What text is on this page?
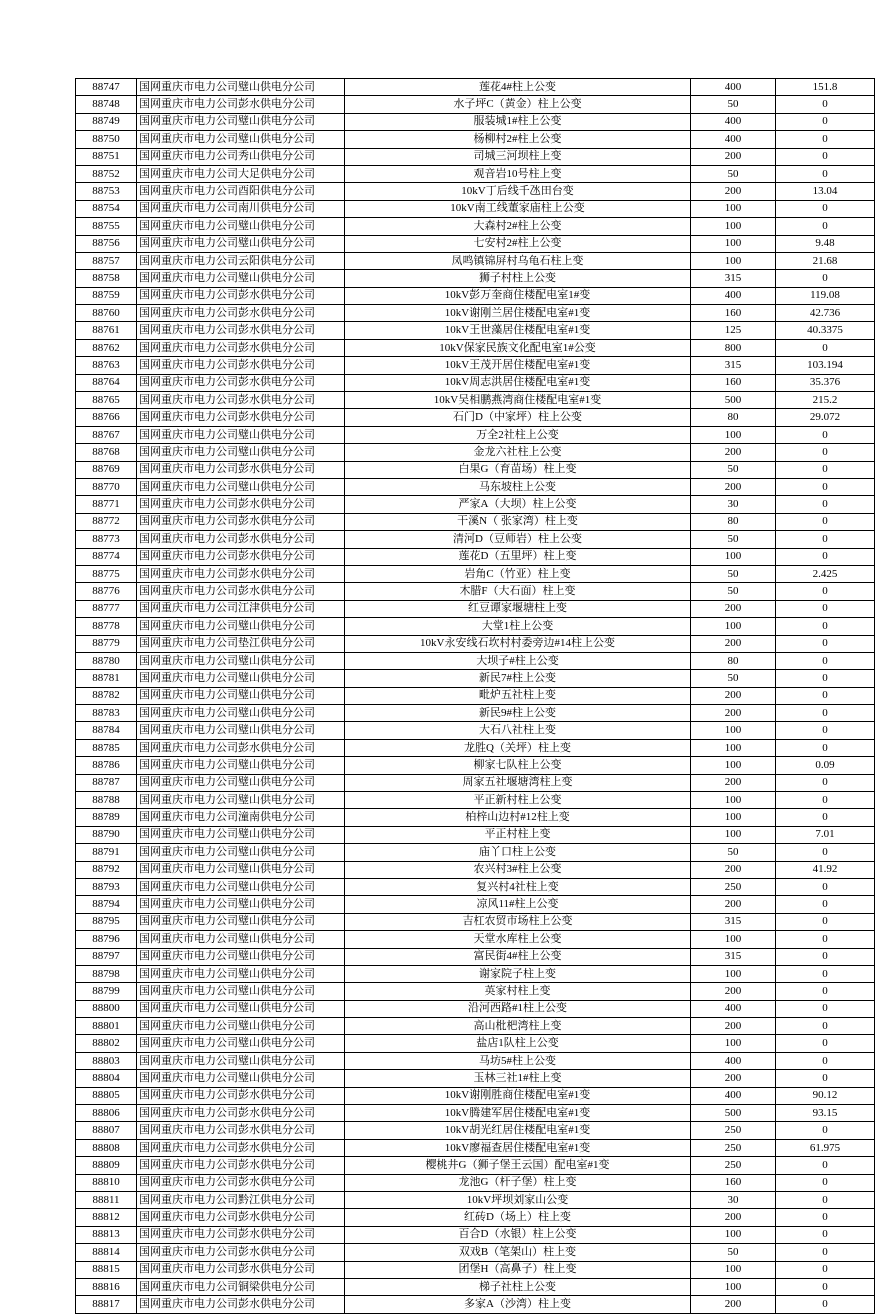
88747	国网重庆市电力公司璧山供电分公司	莲花4#柱上公变	400	151.8
88748	国网重庆市电力公司彭水供电分公司	水子坪C（黄金）柱上公变	50	0
88749	国网重庆市电力公司璧山供电分公司	服装城1#柱上公变	400	0
88750	国网重庆市电力公司璧山供电分公司	杨柳村2#柱上公变	400	0
88751	国网重庆市电力公司秀山供电分公司	司城三河坝柱上变	200	0
88752	国网重庆市电力公司大足供电分公司	观音岩10号柱上变	50	0
88753	国网重庆市电力公司酉阳供电分公司	10kV丁后线千氹田台变	200	13.04
88754	国网重庆市电力公司南川供电分公司	10kV南工线董家庙柱上公变	100	0
88755	国网重庆市电力公司璧山供电分公司	大森村2#柱上公变	100	0
88756	国网重庆市电力公司璧山供电分公司	七安村2#柱上公变	100	9.48
88757	国网重庆市电力公司云阳供电分公司	凤鸣镇锦屏村乌龟石柱上变	100	21.68
88758	国网重庆市电力公司璧山供电分公司	狮子村柱上公变	315	0
88759	国网重庆市电力公司彭水供电分公司	10kV彭万奎商住楼配电室1#变	400	119.08
88760	国网重庆市电力公司彭水供电分公司	10kV谢刚兰居住楼配电室#1变	160	42.736
88761	国网重庆市电力公司彭水供电分公司	10kV王世藻居住楼配电室#1变	125	40.3375
88762	国网重庆市电力公司彭水供电分公司	10kV保家民族文化配电室1#公变	800	0
88763	国网重庆市电力公司彭水供电分公司	10kV王茂开居住楼配电室#1变	315	103.194
88764	国网重庆市电力公司彭水供电分公司	10kV周志洪居住楼配电室#1变	160	35.376
88765	国网重庆市电力公司彭水供电分公司	10kV吴相鹏燕湾商住楼配电室#1变	500	215.2
88766	国网重庆市电力公司彭水供电分公司	石门D（中家坪）柱上公变	80	29.072
88767	国网重庆市电力公司璧山供电分公司	万全2社柱上公变	100	0
88768	国网重庆市电力公司璧山供电分公司	金龙六社柱上公变	200	0
88769	国网重庆市电力公司彭水供电分公司	白果G（育苗场）柱上变	50	0
88770	国网重庆市电力公司璧山供电分公司	马东坡柱上公变	200	0
88771	国网重庆市电力公司彭水供电分公司	严家A（大坝）柱上公变	30	0
88772	国网重庆市电力公司彭水供电分公司	干溪N（ 张家湾）柱上变	80	0
88773	国网重庆市电力公司彭水供电分公司	清河D（豆师岩）柱上公变	50	0
88774	国网重庆市电力公司彭水供电分公司	莲花D（五里坪）柱上变	100	0
88775	国网重庆市电力公司彭水供电分公司	岩角C（竹亚）柱上变	50	2.425
88776	国网重庆市电力公司彭水供电分公司	木腊F（大石面）柱上变	50	0
88777	国网重庆市电力公司江津供电分公司	红豆谭家堰塘柱上变	200	0
88778	国网重庆市电力公司璧山供电分公司	大堂1柱上公变	100	0
88779	国网重庆市电力公司垫江供电分公司	10kV永安线石坎村村委旁边#14柱上公变	200	0
88780	国网重庆市电力公司璧山供电分公司	大坝子#柱上公变	80	0
88781	国网重庆市电力公司璧山供电分公司	新民7#柱上公变	50	0
88782	国网重庆市电力公司璧山供电分公司	毗炉五社柱上变	200	0
88783	国网重庆市电力公司璧山供电分公司	新民9#柱上公变	200	0
88784	国网重庆市电力公司璧山供电分公司	大石八社柱上变	100	0
88785	国网重庆市电力公司彭水供电分公司	龙胜Q（关坪）柱上变	100	0
88786	国网重庆市电力公司璧山供电分公司	柳家七队柱上公变	100	0.09
88787	国网重庆市电力公司璧山供电分公司	周家五社堰塘湾柱上变	200	0
88788	国网重庆市电力公司璧山供电分公司	平正新村柱上公变	100	0
88789	国网重庆市电力公司潼南供电分公司	柏梓山边村#12柱上变	100	0
88790	国网重庆市电力公司璧山供电分公司	平正村柱上变	100	7.01
88791	国网重庆市电力公司璧山供电分公司	庙丫口柱上公变	50	0
88792	国网重庆市电力公司璧山供电分公司	农兴村3#柱上公变	200	41.92
88793	国网重庆市电力公司璧山供电分公司	复兴村4社柱上变	250	0
88794	国网重庆市电力公司璧山供电分公司	凉风11#柱上公变	200	0
88795	国网重庆市电力公司璧山供电分公司	吉杠农贸市场柱上公变	315	0
88796	国网重庆市电力公司璧山供电分公司	天堂水库柱上公变	100	0
88797	国网重庆市电力公司璧山供电分公司	富民街4#柱上公变	315	0
88798	国网重庆市电力公司璧山供电分公司	谢家院子柱上变	100	0
88799	国网重庆市电力公司璧山供电分公司	英家村柱上变	200	0
88800	国网重庆市电力公司璧山供电分公司	沿河西路#1柱上公变	400	0
88801	国网重庆市电力公司璧山供电分公司	高山枇杷湾柱上变	200	0
88802	国网重庆市电力公司璧山供电分公司	盐店1队柱上公变	100	0
88803	国网重庆市电力公司璧山供电分公司	马坊5#柱上公变	400	0
88804	国网重庆市电力公司璧山供电分公司	玉林三社1#柱上变	200	0
88805	国网重庆市电力公司彭水供电分公司	10kV谢刚胜商住楼配电室#1变	400	90.12
88806	国网重庆市电力公司彭水供电分公司	10kV腾建军居住楼配电室#1变	500	93.15
88807	国网重庆市电力公司彭水供电分公司	10kV胡光红居住楼配电室#1变	250	0
88808	国网重庆市电力公司彭水供电分公司	10kV廖福查居住楼配电室#1变	250	61.975
88809	国网重庆市电力公司彭水供电分公司	樱桃井G（狮子堡王云国）配电室#1变	250	0
88810	国网重庆市电力公司彭水供电分公司	龙池G（杆子堡）柱上变	160	0
88811	国网重庆市电力公司黔江供电分公司	10kV坪坝刘家山公变	30	0
88812	国网重庆市电力公司彭水供电分公司	红砖D（场上）柱上变	200	0
88813	国网重庆市电力公司彭水供电分公司	百合D（水银）柱上公变	100	0
88814	国网重庆市电力公司彭水供电分公司	双戏B（笔架山）柱上变	50	0
88815	国网重庆市电力公司彭水供电分公司	团堡H（高鼻子）柱上变	100	0
88816	国网重庆市电力公司铜梁供电分公司	梯子社柱上公变	100	0
88817	国网重庆市电力公司彭水供电分公司	多家A（沙湾）柱上变	200	0
